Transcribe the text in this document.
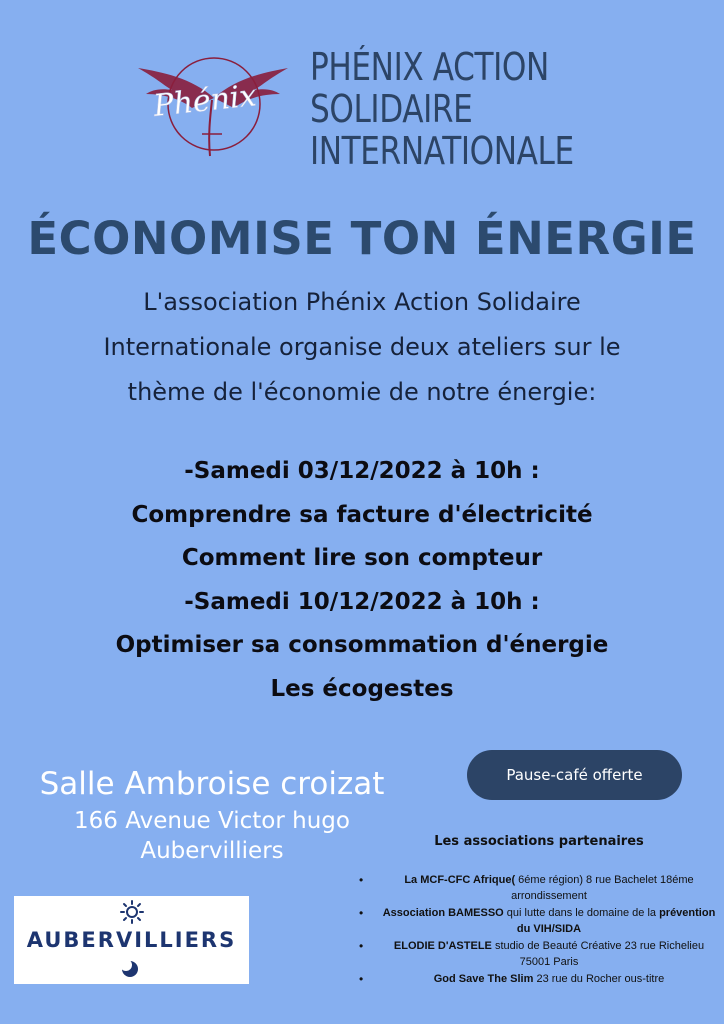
Phénix
PHÉNIX ACTION
SOLIDAIRE
INTERNATIONALE
ÉCONOMISE TON ÉNERGIE
L'association Phénix Action Solidaire
Internationale organise deux ateliers sur le
thème de l'économie de notre énergie:
-Samedi 03/12/2022 à 10h :
Comprendre sa facture d'électricité
Comment lire son compteur
-Samedi 10/12/2022 à 10h :
Optimiser sa consommation d'énergie
Les écogestes
Salle Ambroise croizat
166 Avenue Victor hugo
Aubervilliers
Pause-café offerte
AUBERVILLIERS
Les associations partenaires
•	La MCF-CFC Afrique( 6éme région) 8 rue Bachelet 18éme arrondissement
• Association BAMESSO qui lutte dans le domaine de la prévention du VIH/SIDA
•	ELODIE D'ASTELE studio de Beauté Créative 23 rue Richelieu 75001 Paris
•	God Save The Slim 23 rue du Rocher ous-titre
